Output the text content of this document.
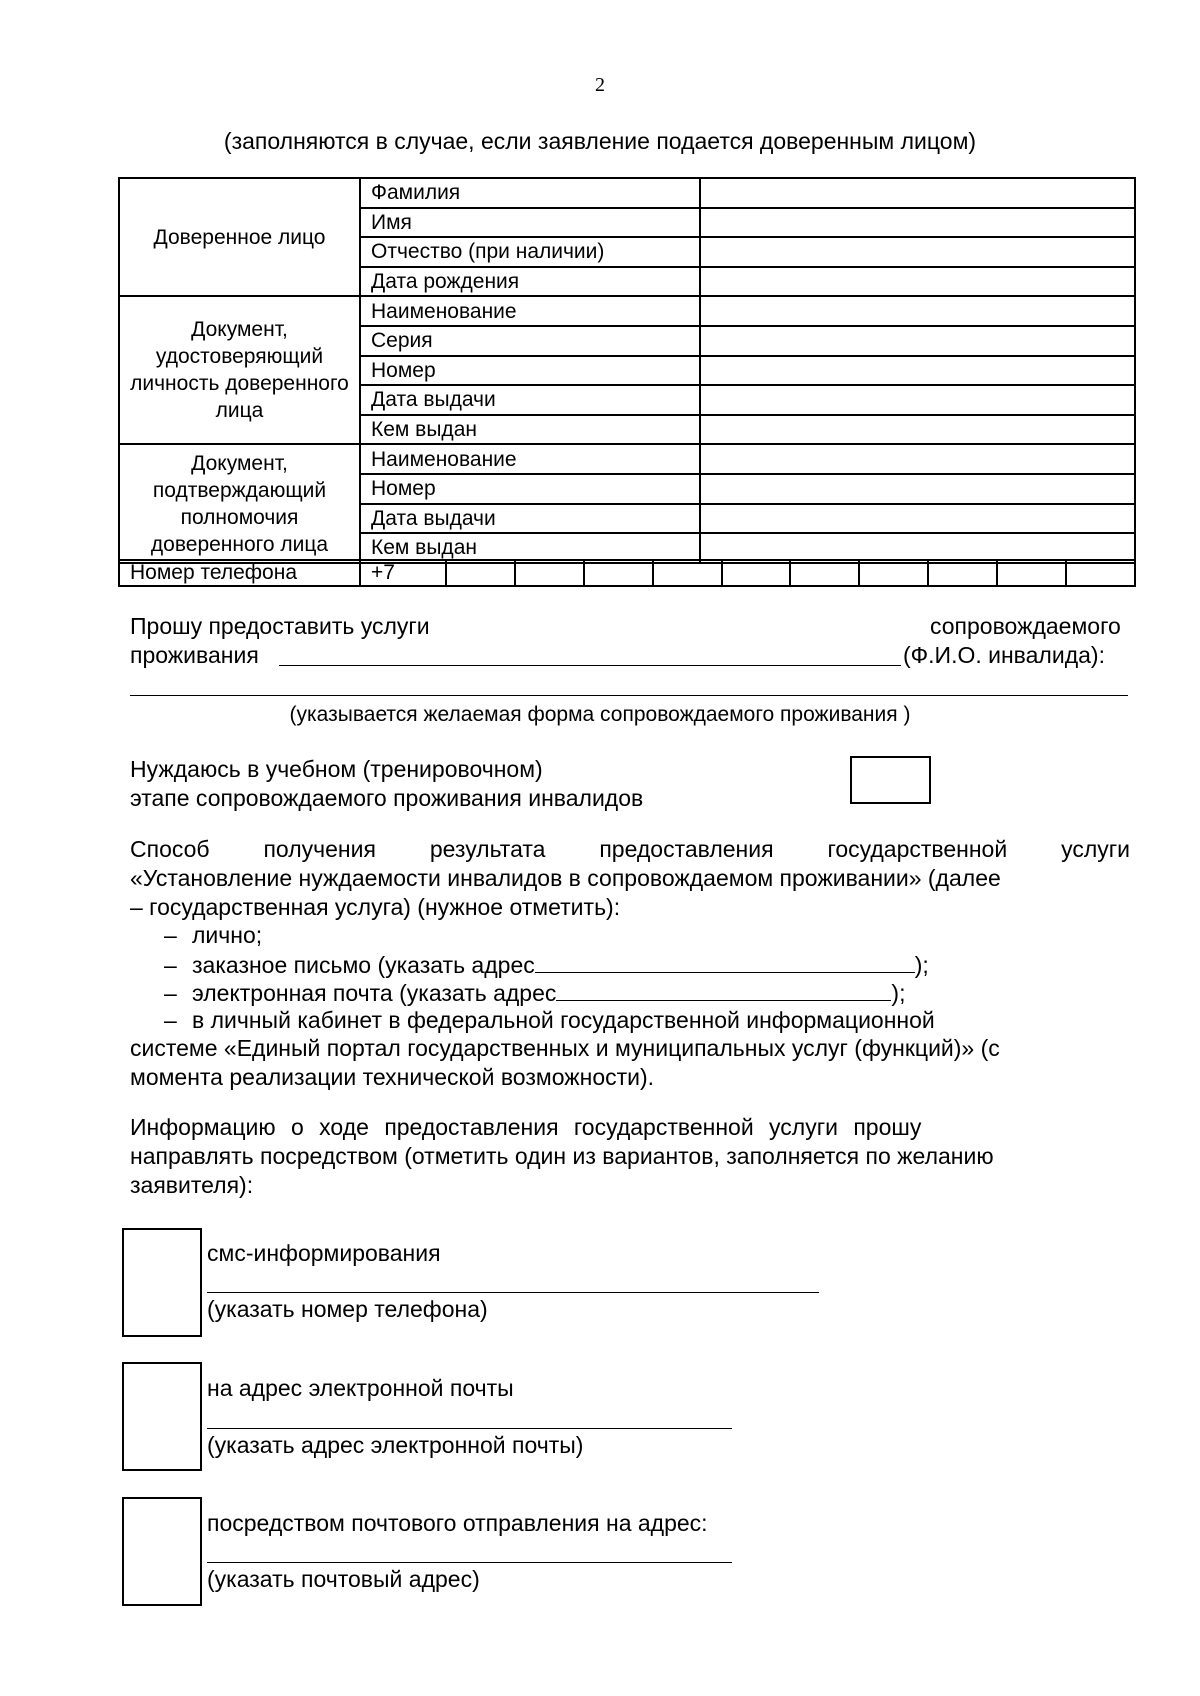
2
(заполняются в случае, если заявление подается доверенным лицом)
Доверенное лицо	Фамилия	
	Имя	
	Отчество (при наличии)	
	Дата рождения	
Документ, удостоверяющий личность доверенного лица	Наименование	
	Серия	
	Номер	
	Дата выдачи	
	Кем выдан	
Документ, подтверждающий полномочия доверенного лица	Наименование	
	Номер	
	Дата выдачи	
	Кем выдан	
Номер телефона	+7										
Прошу предоставить услуги	сопровождаемого
проживания	(Ф.И.О. инвалида):
(указывается желаемая форма сопровождаемого проживания )
Нуждаюсь в учебном (тренировочном)
этапе сопровождаемого проживания инвалидов
Способ получения результата предоставления государственной услуги
«Установление нуждаемости инвалидов в сопровождаемом проживании» (далее
– государственная услуга) (нужное отметить):
– лично;
– заказное письмо (указать адрес	);
– электронная почта (указать адрес	);
– в личный кабинет в федеральной государственной информационной
системе «Единый портал государственных и муниципальных услуг (функций)» (с
момента реализации технической возможности).
Информацию о ходе предоставления государственной услуги прошу
направлять посредством (отметить один из вариантов, заполняется по желанию
заявителя):
смс-информирования
(указать номер телефона)
на адрес электронной почты
(указать адрес электронной почты)
посредством почтового отправления на адрес:
(указать почтовый адрес)
